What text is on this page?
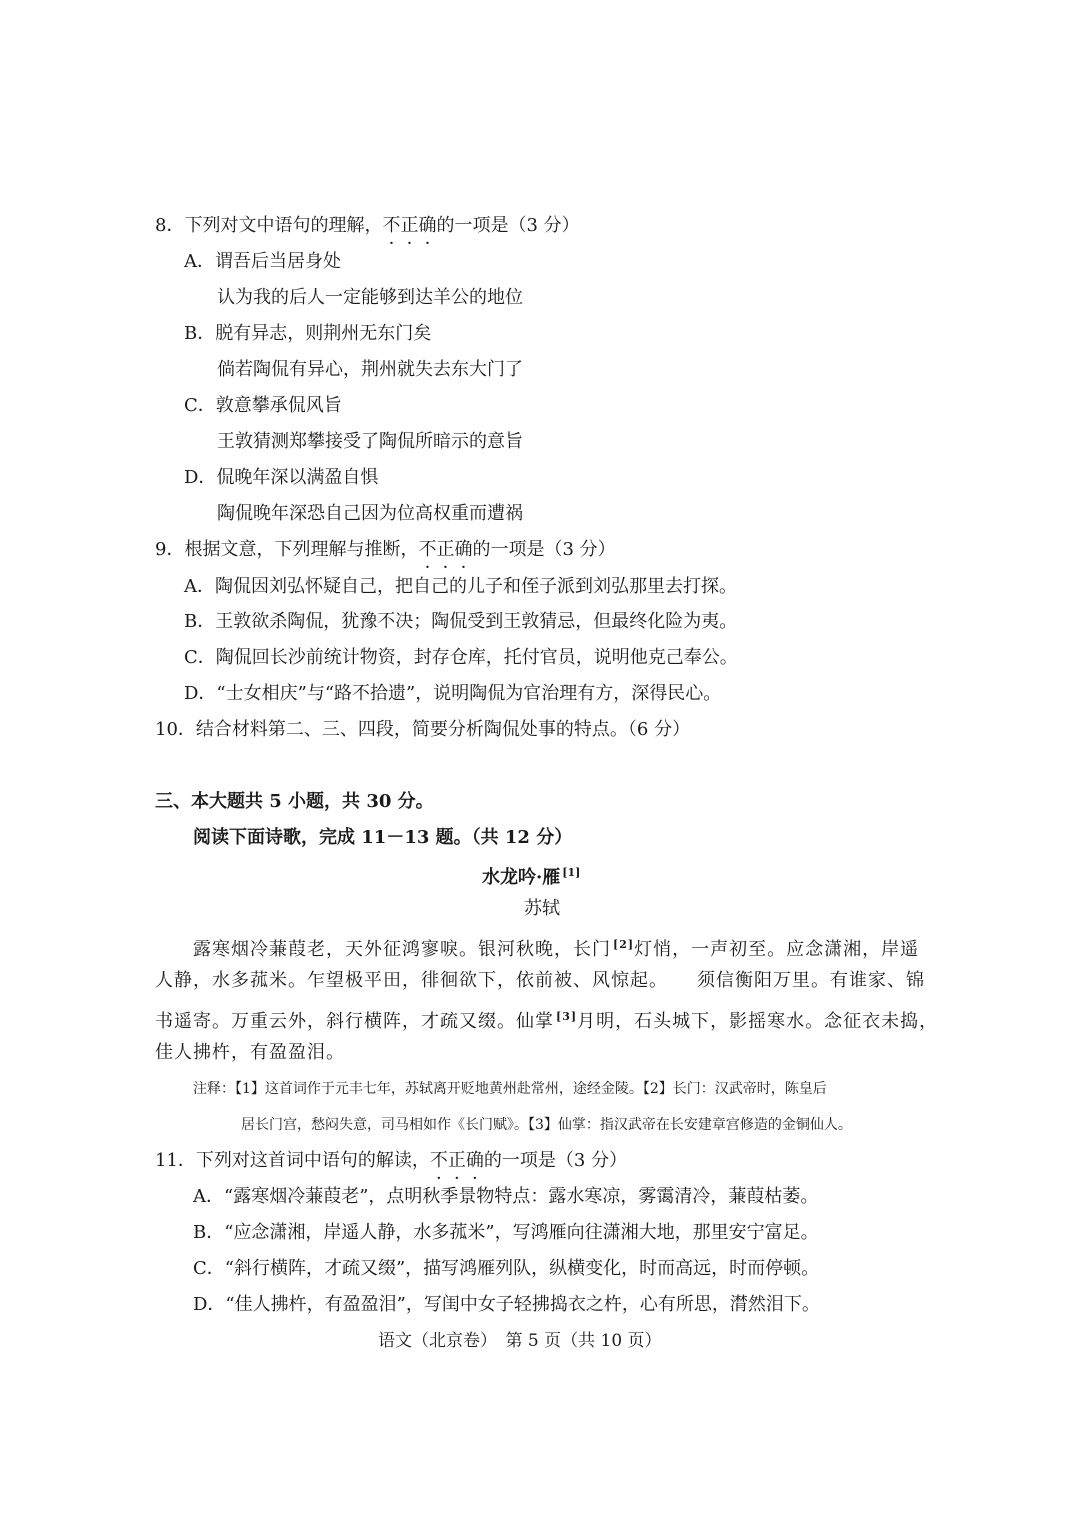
8．下列对文中语句的理解，不正确的一项是（3 分）
A．谓吾后当居身处
认为我的后人一定能够到达羊公的地位
B．脱有异志，则荆州无东门矣
倘若陶侃有异心，荆州就失去东大门了
C．敦意攀承侃风旨
王敦猜测郑攀接受了陶侃所暗示的意旨
D．侃晚年深以满盈自惧
陶侃晚年深恐自己因为位高权重而遭祸
9．根据文意，下列理解与推断，不正确的一项是（3 分）
A．陶侃因刘弘怀疑自己，把自己的儿子和侄子派到刘弘那里去打探。
B．王敦欲杀陶侃，犹豫不决；陶侃受到王敦猜忌，但最终化险为夷。
C．陶侃回长沙前统计物资，封存仓库，托付官员，说明他克己奉公。
D．“士女相庆”与“路不拾遗”，说明陶侃为官治理有方，深得民心。
10．结合材料第二、三、四段，简要分析陶侃处事的特点。（6 分）
三、本大题共 5 小题，共 30 分。
阅读下面诗歌，完成 11－13 题。（共 12 分）
水龙吟·雁 [1]
苏轼
露寒烟冷蒹葭老，天外征鸿寥唳。银河秋晚，长门 [2]灯悄，一声初至。应念潇湘，岸遥
人静，水多菰米。乍望极平田，徘徊欲下，依前被、风惊起。　　须信衡阳万里。有谁家、锦
书遥寄。万重云外，斜行横阵，才疏又缀。仙掌 [3]月明，石头城下，影摇寒水。念征衣未捣，
佳人拂杵，有盈盈泪。
注释：【1】这首词作于元丰七年，苏轼离开贬地黄州赴常州，途经金陵。【2】长门：汉武帝时，陈皇后
居长门宫，愁闷失意，司马相如作《长门赋》。【3】仙掌：指汉武帝在长安建章宫修造的金铜仙人。
11．下列对这首词中语句的解读，不正确的一项是（3 分）
A．“露寒烟冷蒹葭老”，点明秋季景物特点：露水寒凉，雾霭清冷，蒹葭枯萎。
B．“应念潇湘，岸遥人静，水多菰米”，写鸿雁向往潇湘大地，那里安宁富足。
C．“斜行横阵，才疏又缀”，描写鸿雁列队，纵横变化，时而高远，时而停顿。
D．“佳人拂杵，有盈盈泪”，写闺中女子轻拂捣衣之杵，心有所思，潸然泪下。
语文（北京卷）　第 5 页（共 10 页）
